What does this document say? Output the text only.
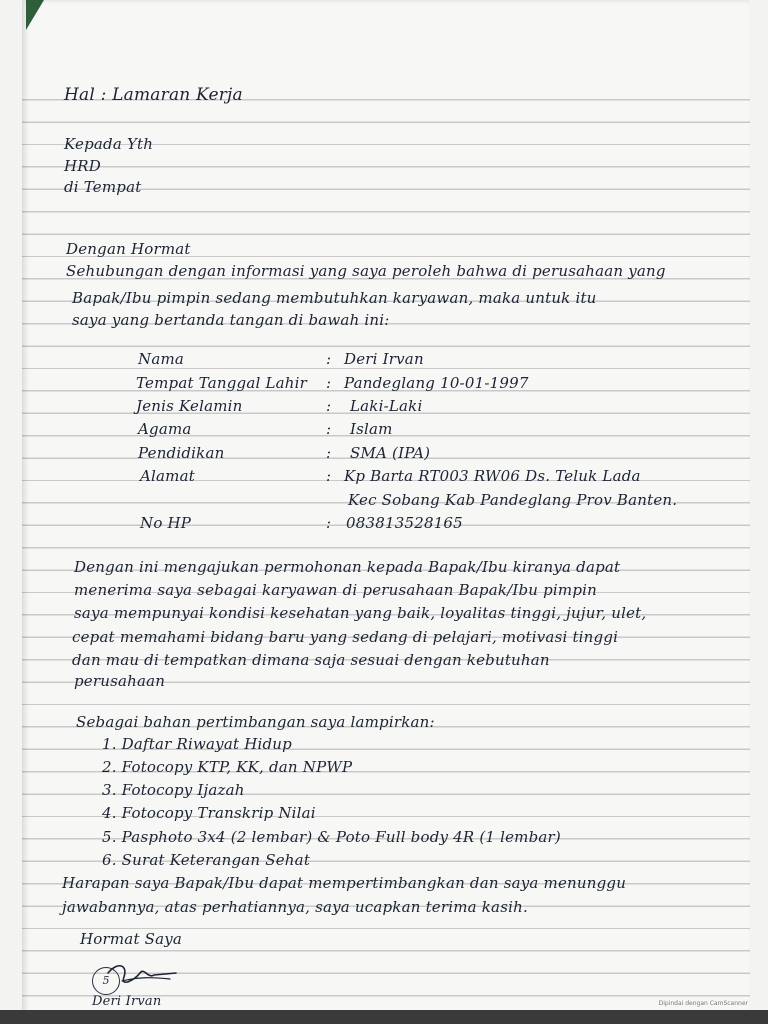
Hal : Lamaran Kerja
Kepada Yth
HRD
di Tempat
Dengan Hormat
Sehubungan dengan informasi yang saya peroleh bahwa di perusahaan yang
Bapak/Ibu pimpin sedang membutuhkan karyawan, maka untuk itu
saya yang bertanda tangan di bawah ini:
Nama	: Deri Irvan
Tempat Tanggal Lahir : Pandeglang 10-01-1997
Jenis Kelamin	: Laki-Laki
Agama	: Islam
Pendidikan	: SMA (IPA)
Alamat	: Kp Barta RT003 RW06 Ds. Teluk Lada
Kec Sobang Kab Pandeglang Prov Banten.
No HP	: 083813528165
Dengan ini mengajukan permohonan kepada Bapak/Ibu kiranya dapat
menerima saya sebagai karyawan di perusahaan Bapak/Ibu pimpin
saya mempunyai kondisi kesehatan yang baik, loyalitas tinggi, jujur, ulet,
cepat memahami bidang baru yang sedang di pelajari, motivasi tinggi
dan mau di tempatkan dimana saja sesuai dengan kebutuhan
perusahaan
Sebagai bahan pertimbangan saya lampirkan:
1. Daftar Riwayat Hidup
2. Fotocopy KTP, KK, dan NPWP
3. Fotocopy Ijazah
4. Fotocopy Transkrip Nilai
5. Pasphoto 3x4 (2 lembar) & Poto Full body 4R (1 lembar)
6. Surat Keterangan Sehat
Harapan saya Bapak/Ibu dapat mempertimbangkan dan saya menunggu
jawabannya, atas perhatiannya, saya ucapkan terima kasih.
Hormat Saya
5
Deri Irvan	Dipindai dengan CamScanner
